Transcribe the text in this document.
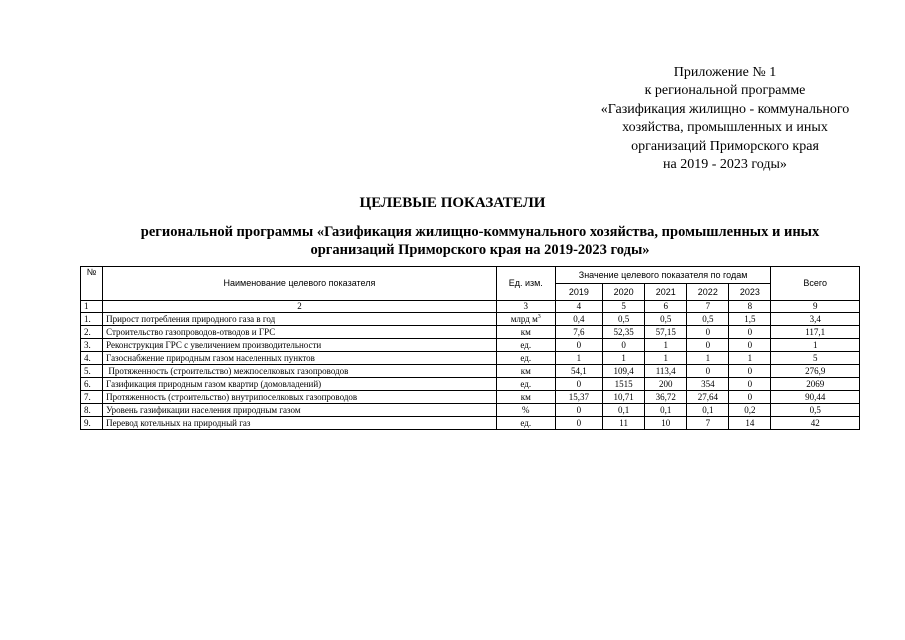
Приложение № 1
к региональной программе
«Газификация жилищно - коммунального
хозяйства, промышленных и иных
организаций Приморского края
на 2019 - 2023 годы»
ЦЕЛЕВЫЕ ПОКАЗАТЕЛИ
региональной программы «Газификация жилищно-коммунального хозяйства, промышленных и иных
организаций Приморского края на 2019-2023 годы»
№	Наименование целевого показателя	Ед. изм.	Значение целевого показателя по годам					Всего
			2019	2020	2021	2022	2023	
1	2	3	4	5	6	7	8	9
1.	Прирост потребления природного газа в год	млрд $м^3$	0,4	0,5	0,5	0,5	1,5	3,4
2.	Строительство газопроводов-отводов и ГРС	км	7,6	52,35	57,15	0	0	117,1
3.	Реконструкция ГРС с увеличением производительности	ед.	0	0	1	0	0	1
4.	Газоснабжение природным газом населенных пунктов	ед.	1	1	1	1	1	5
5.	Протяженность (строительство) межпоселковых газопроводов	км	54,1	109,4	113,4	0	0	276,9
6.	Газификация природным газом квартир (домовладений)	ед.	0	1515	200	354	0	2069
7.	Протяженность (строительство) внутрипоселковых газопроводов	км	15,37	10,71	36,72	27,64	0	90,44
8.	Уровень газификации населения природным газом	%	0	0,1	0,1	0,1	0,2	0,5
9.	Перевод котельных на природный газ	ед.	0	11	10	7	14	42
